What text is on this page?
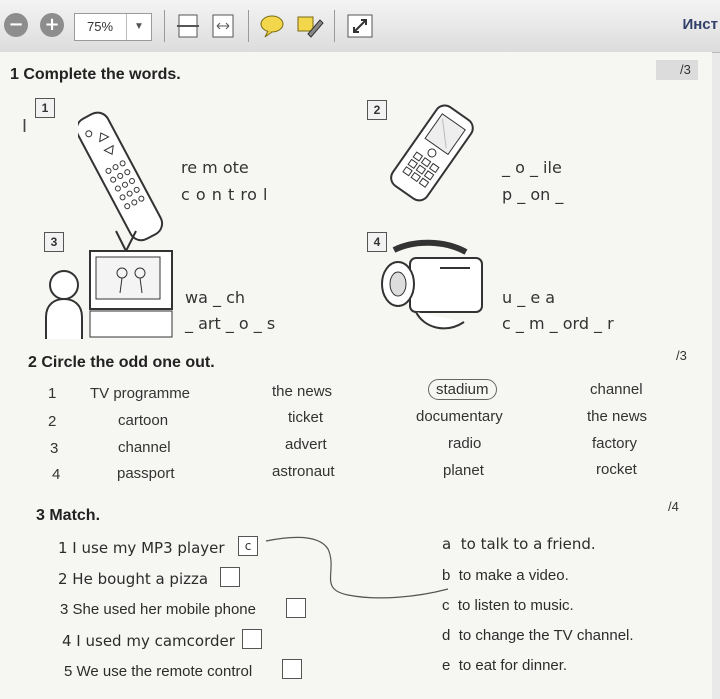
− +	75%	▼	Инст
1 Complete the words.	/3
I
1
re m ote
c o n t ro l
2
_ o _ ile
p _ on _
3
wa _ ch
_ art _ o _ s
4
u _ e a
c _ m _ ord _ r
2 Circle the odd one out.	/3
1 TV programme	the news	stadium	channel
2	cartoon	ticket	documentary	the news
3	channel	advert	radio	factory
4	passport	astronaut	planet	rocket
3 Match.
/4
1 I use my MP3 player	c
2 He bought a pizza
3 She used her mobile phone
4 I used my camcorder
5 We use the remote control
a to talk to a friend.
b to make a video.
c to listen to music.
d to change the TV channel.
e to eat for dinner.
